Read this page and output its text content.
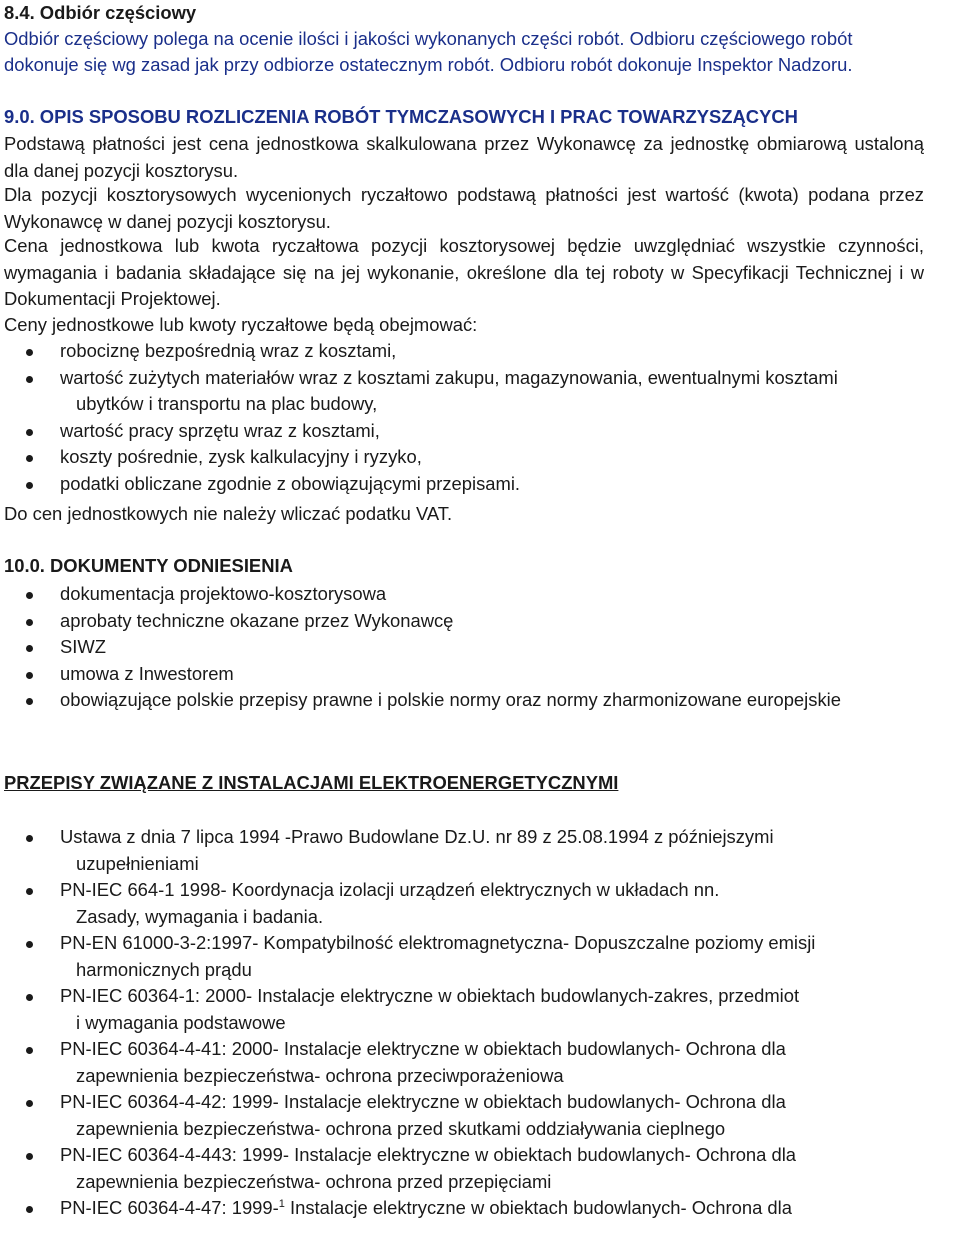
8.4. Odbiór częściowy
Odbiór częściowy polega na ocenie ilości i jakości wykonanych części robót. Odbioru częściowego robót
dokonuje się wg zasad jak przy odbiorze ostatecznym robót. Odbioru robót dokonuje Inspektor Nadzoru.
9.0. OPIS SPOSOBU ROZLICZENIA ROBÓT TYMCZASOWYCH I PRAC TOWARZYSZĄCYCH
Podstawą płatności jest cena jednostkowa skalkulowana przez Wykonawcę za jednostkę obmiarową ustaloną dla danej pozycji kosztorysu.
Dla pozycji kosztorysowych wycenionych ryczałtowo podstawą płatności jest wartość (kwota) podana przez Wykonawcę w danej pozycji kosztorysu.
Cena jednostkowa lub kwota ryczałtowa pozycji kosztorysowej będzie uwzględniać wszystkie czynności, wymagania i badania składające się na jej wykonanie, określone dla tej roboty w Specyfikacji Technicznej i w Dokumentacji Projektowej.
Ceny jednostkowe lub kwoty ryczałtowe będą obejmować:
robociznę bezpośrednią wraz z kosztami,
wartość zużytych materiałów wraz z kosztami zakupu, magazynowania, ewentualnymi kosztami
ubytków i transportu na plac budowy,
wartość pracy sprzętu wraz z kosztami,
koszty pośrednie, zysk kalkulacyjny i ryzyko,
podatki obliczane zgodnie z obowiązującymi przepisami.
Do cen jednostkowych nie należy wliczać podatku VAT.
10.0. DOKUMENTY ODNIESIENIA
dokumentacja projektowo-kosztorysowa
aprobaty techniczne okazane przez Wykonawcę
SIWZ
umowa z Inwestorem
obowiązujące polskie przepisy prawne i polskie normy oraz normy zharmonizowane europejskie
PRZEPISY ZWIĄZANE Z INSTALACJAMI ELEKTROENERGETYCZNYMI
Ustawa z dnia 7 lipca 1994 -Prawo Budowlane Dz.U. nr 89 z 25.08.1994 z późniejszymi
uzupełnieniami
PN-IEC 664-1 1998- Koordynacja izolacji urządzeń elektrycznych w układach nn.
Zasady, wymagania i badania.
PN-EN 61000-3-2:1997- Kompatybilność elektromagnetyczna- Dopuszczalne poziomy emisji
harmonicznych prądu
PN-IEC 60364-1: 2000- Instalacje elektryczne w obiektach budowlanych-zakres, przedmiot
i wymagania podstawowe
PN-IEC 60364-4-41: 2000- Instalacje elektryczne w obiektach budowlanych- Ochrona dla
zapewnienia bezpieczeństwa- ochrona przeciwporażeniowa
PN-IEC 60364-4-42: 1999- Instalacje elektryczne w obiektach budowlanych- Ochrona dla
zapewnienia bezpieczeństwa- ochrona przed skutkami oddziaływania cieplnego
PN-IEC 60364-4-443: 1999- Instalacje elektryczne w obiektach budowlanych- Ochrona dla
zapewnienia bezpieczeństwa- ochrona przed przepięciami
PN-IEC 60364-4-47: 1999-$^1$ Instalacje elektryczne w obiektach budowlanych- Ochrona dla
